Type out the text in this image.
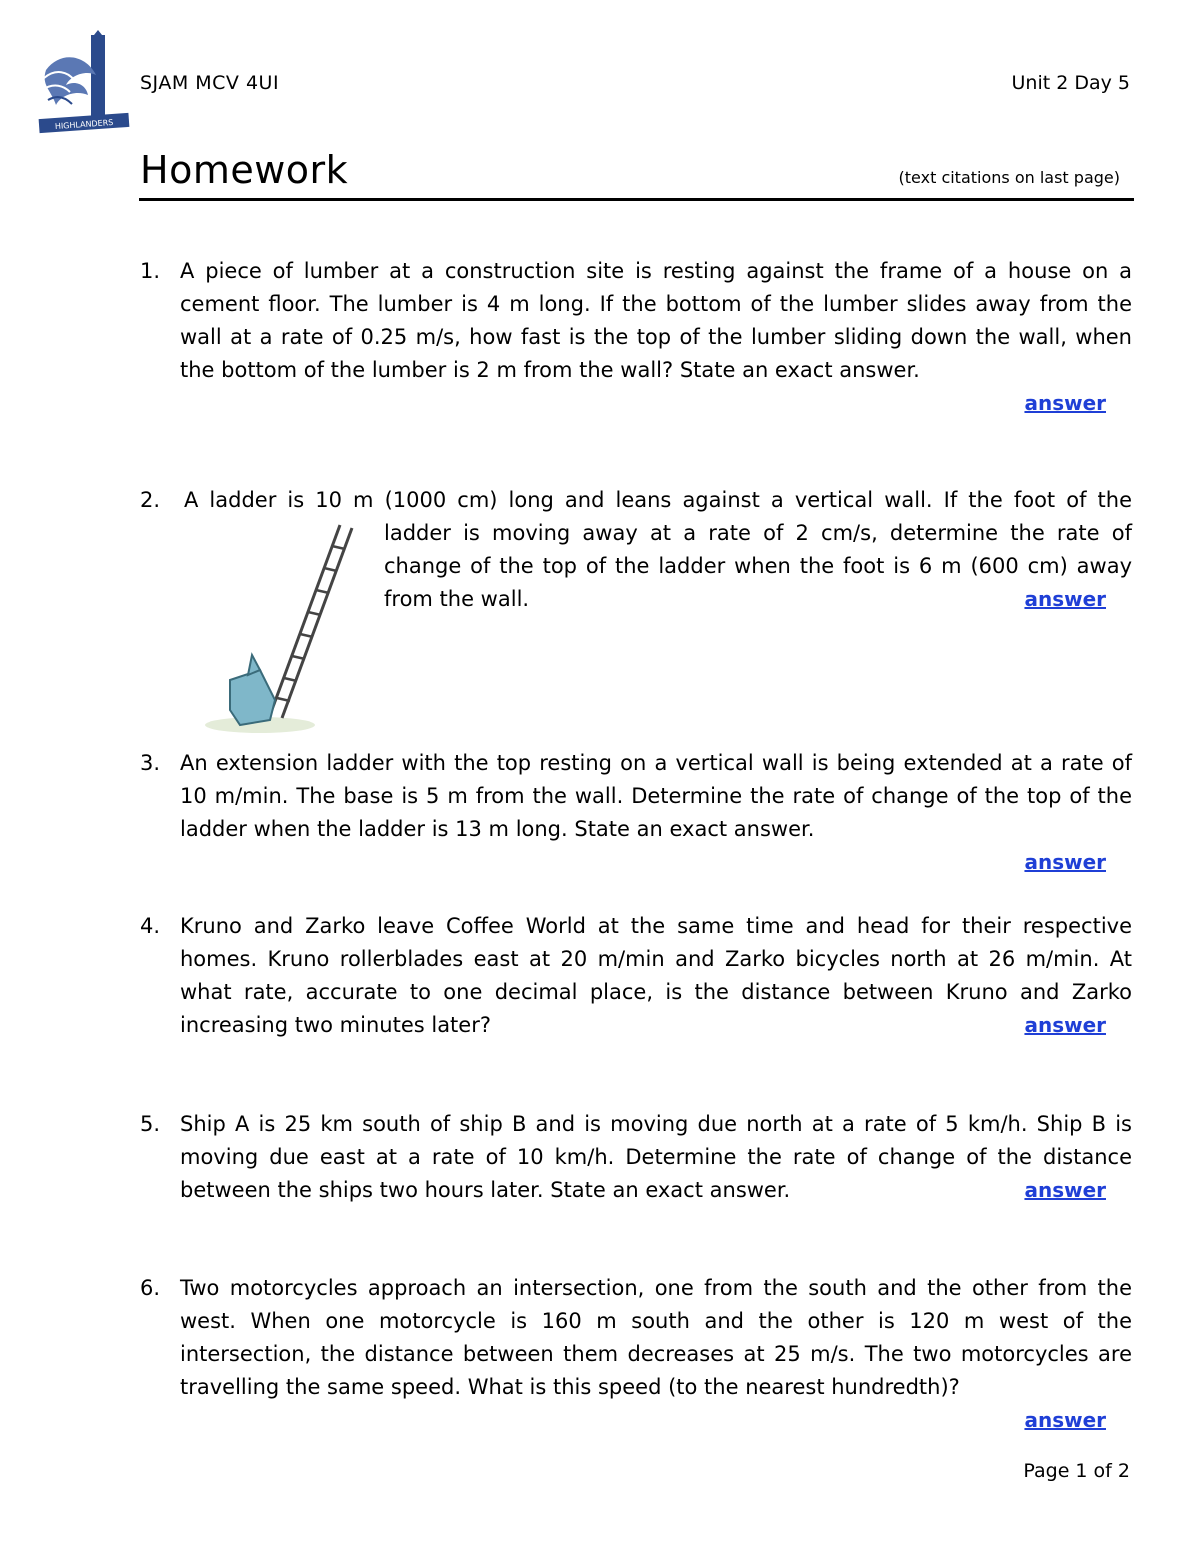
HIGHLANDERS
SJAM MCV 4UI	Unit 2 Day 5
Homework	(text citations on last page)
1. A piece of lumber at a construction site is resting against the frame of a house on a cement floor. The lumber is 4 m long. If the bottom of the lumber slides away from the wall at a rate of 0.25 m/s, how fast is the top of the lumber sliding down the wall, when the bottom of the lumber is 2 m from the wall? State an exact answer.
answer
2.	A ladder is 10 m (1000 cm) long and leans against a vertical wall. If the foot of the
ladder is moving away at a rate of 2 cm/s, determine the rate of change of the top of the ladder when the foot is 6 m (600 cm) away from the wall.	answer
3. An extension ladder with the top resting on a vertical wall is being extended at a rate of 10 m/min. The base is 5 m from the wall. Determine the rate of change of the top of the ladder when the ladder is 13 m long. State an exact answer.
answer
4. Kruno and Zarko leave Coffee World at the same time and head for their respective homes. Kruno rollerblades east at 20 m/min and Zarko bicycles north at 26 m/min. At what rate, accurate to one decimal place, is the distance between Kruno and Zarko increasing two minutes later?	answer
5. Ship A is 25 km south of ship B and is moving due north at a rate of 5 km/h. Ship B is moving due east at a rate of 10 km/h. Determine the rate of change of the distance between the ships two hours later. State an exact answer.	answer
6. Two motorcycles approach an intersection, one from the south and the other from the west. When one motorcycle is 160 m south and the other is 120 m west of the intersection, the distance between them decreases at 25 m/s. The two motorcycles are travelling the same speed. What is this speed (to the nearest hundredth)?
answer
Page 1 of 2
